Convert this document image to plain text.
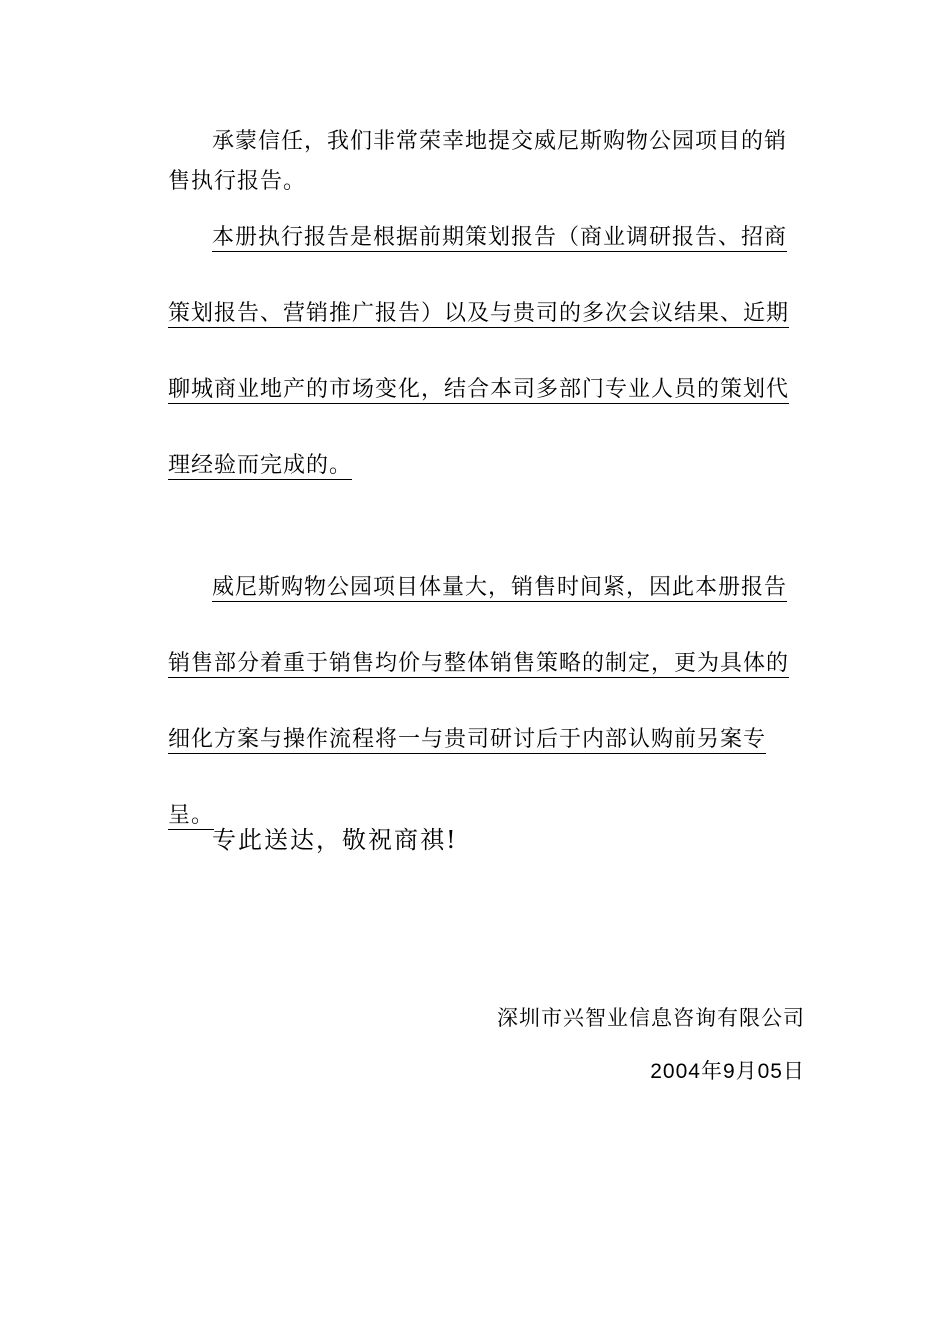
承蒙信任，我们非常荣幸地提交威尼斯购物公园项目的销售执行报告。

本册执行报告是根据前期策划报告（商业调研报告、招商策划报告、营销推广报告）以及与贵司的多次会议结果、近期聊城商业地产的市场变化，结合本司多部门专业人员的策划代理经验而完成的。

威尼斯购物公园项目体量大，销售时间紧，因此本册报告销售部分着重于销售均价与整体销售策略的制定，更为具体的细化方案与操作流程将一与贵司研讨后于内部认购前另案专呈。

专此送达，敬祝商祺!

深圳市兴智业信息咨询有限公司
2004年9月05日
